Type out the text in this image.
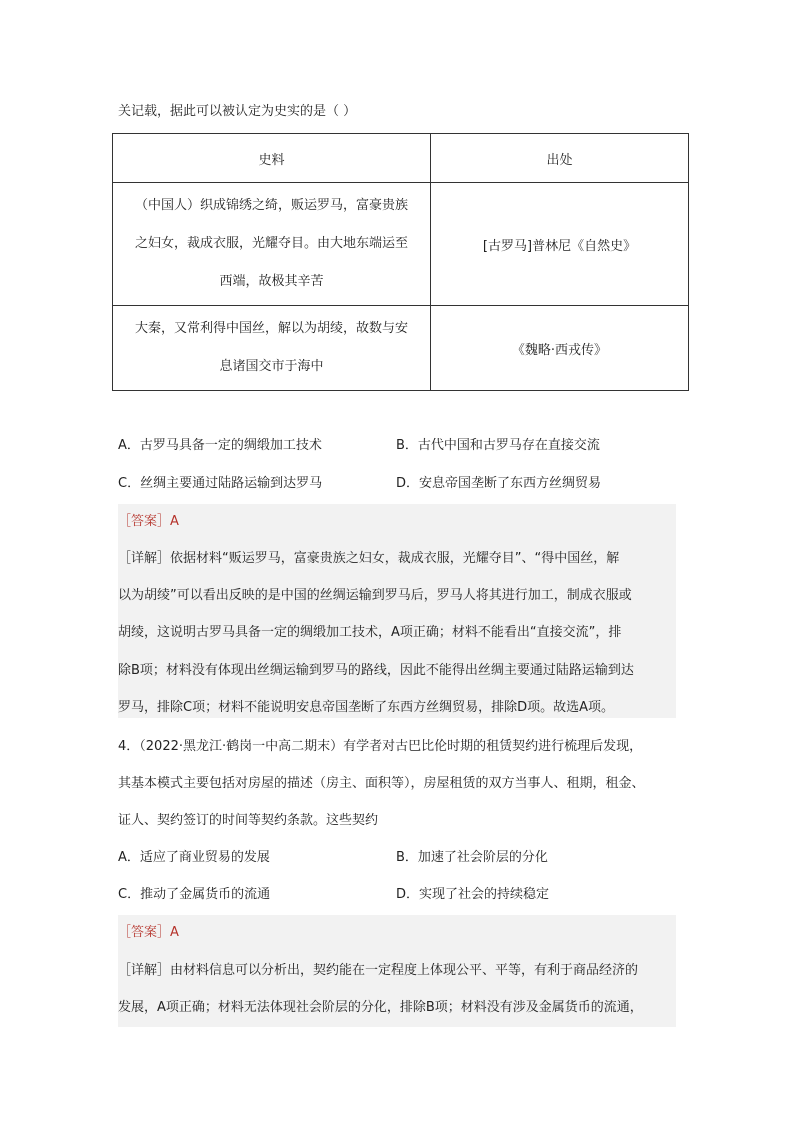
关记载，据此可以被认定为史实的是（ ）
史料	出处

（中国人）织成锦绣之绮，贩运罗马，富豪贵族
之妇女，裁成衣服，光耀夺目。由大地东端运至
西端，故极其辛苦	[古罗马]普林尼《自然史》

大秦，又常利得中国丝，解以为胡绫，故数与安
息诸国交市于海中	《魏略·西戎传》
A．古罗马具备一定的绸缎加工技术	B．古代中国和古罗马存在直接交流
C．丝绸主要通过陆路运输到达罗马	D．安息帝国垄断了东西方丝绸贸易
［答案］A
［详解］依据材料“贩运罗马，富豪贵族之妇女，裁成衣服，光耀夺目”、“得中国丝，解
以为胡绫”可以看出反映的是中国的丝绸运输到罗马后，罗马人将其进行加工，制成衣服或
胡绫，这说明古罗马具备一定的绸缎加工技术，A项正确；材料不能看出“直接交流”，排
除B项；材料没有体现出丝绸运输到罗马的路线，因此不能得出丝绸主要通过陆路运输到达
罗马，排除C项；材料不能说明安息帝国垄断了东西方丝绸贸易，排除D项。故选A项。
4．（2022·黑龙江·鹤岗一中高二期末）有学者对古巴比伦时期的租赁契约进行梳理后发现，
其基本模式主要包括对房屋的描述（房主、面积等），房屋租赁的双方当事人、租期，租金、
证人、契约签订的时间等契约条款。这些契约
A．适应了商业贸易的发展	B．加速了社会阶层的分化
C．推动了金属货币的流通	D．实现了社会的持续稳定
［答案］A
［详解］由材料信息可以分析出，契约能在一定程度上体现公平、平等，有利于商品经济的
发展，A项正确；材料无法体现社会阶层的分化，排除B项；材料没有涉及金属货币的流通，
